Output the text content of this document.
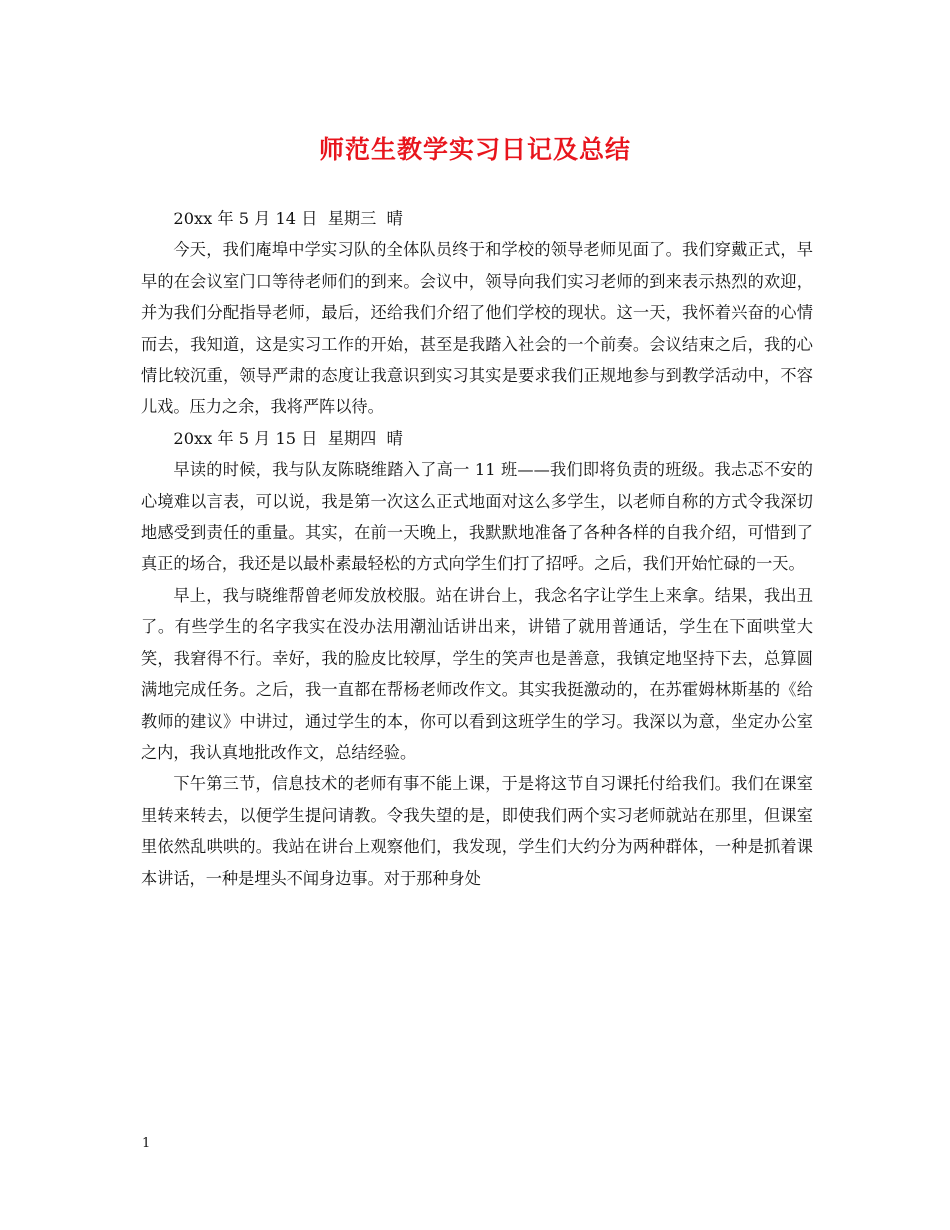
师范生教学实习日记及总结

20xx 年 5 月 14 日  星期三  晴

今天，我们庵埠中学实习队的全体队员终于和学校的领导老师见面了。我们穿戴正式，早早的在会议室门口等待老师们的到来。会议中，领导向我们实习老师的到来表示热烈的欢迎，并为我们分配指导老师，最后，还给我们介绍了他们学校的现状。这一天，我怀着兴奋的心情而去，我知道，这是实习工作的开始，甚至是我踏入社会的一个前奏。会议结束之后，我的心情比较沉重，领导严肃的态度让我意识到实习其实是要求我们正规地参与到教学活动中，不容儿戏。压力之余，我将严阵以待。

20xx 年 5 月 15 日  星期四  晴

早读的时候，我与队友陈晓维踏入了高一 11 班——我们即将负责的班级。我忐忑不安的心境难以言表，可以说，我是第一次这么正式地面对这么多学生，以老师自称的方式令我深切地感受到责任的重量。其实，在前一天晚上，我默默地准备了各种各样的自我介绍，可惜到了真正的场合，我还是以最朴素最轻松的方式向学生们打了招呼。之后，我们开始忙碌的一天。

早上，我与晓维帮曾老师发放校服。站在讲台上，我念名字让学生上来拿。结果，我出丑了。有些学生的名字我实在没办法用潮汕话讲出来，讲错了就用普通话，学生在下面哄堂大笑，我窘得不行。幸好，我的脸皮比较厚，学生的笑声也是善意，我镇定地坚持下去，总算圆满地完成任务。之后，我一直都在帮杨老师改作文。其实我挺激动的，在苏霍姆林斯基的《给教师的建议》中讲过，通过学生的本，你可以看到这班学生的学习。我深以为意，坐定办公室之内，我认真地批改作文，总结经验。

下午第三节，信息技术的老师有事不能上课，于是将这节自习课托付给我们。我们在课室里转来转去，以便学生提问请教。令我失望的是，即使我们两个实习老师就站在那里，但课室里依然乱哄哄的。我站在讲台上观察他们，我发现，学生们大约分为两种群体，一种是抓着课本讲话，一种是埋头不闻身边事。对于那种身处

1
